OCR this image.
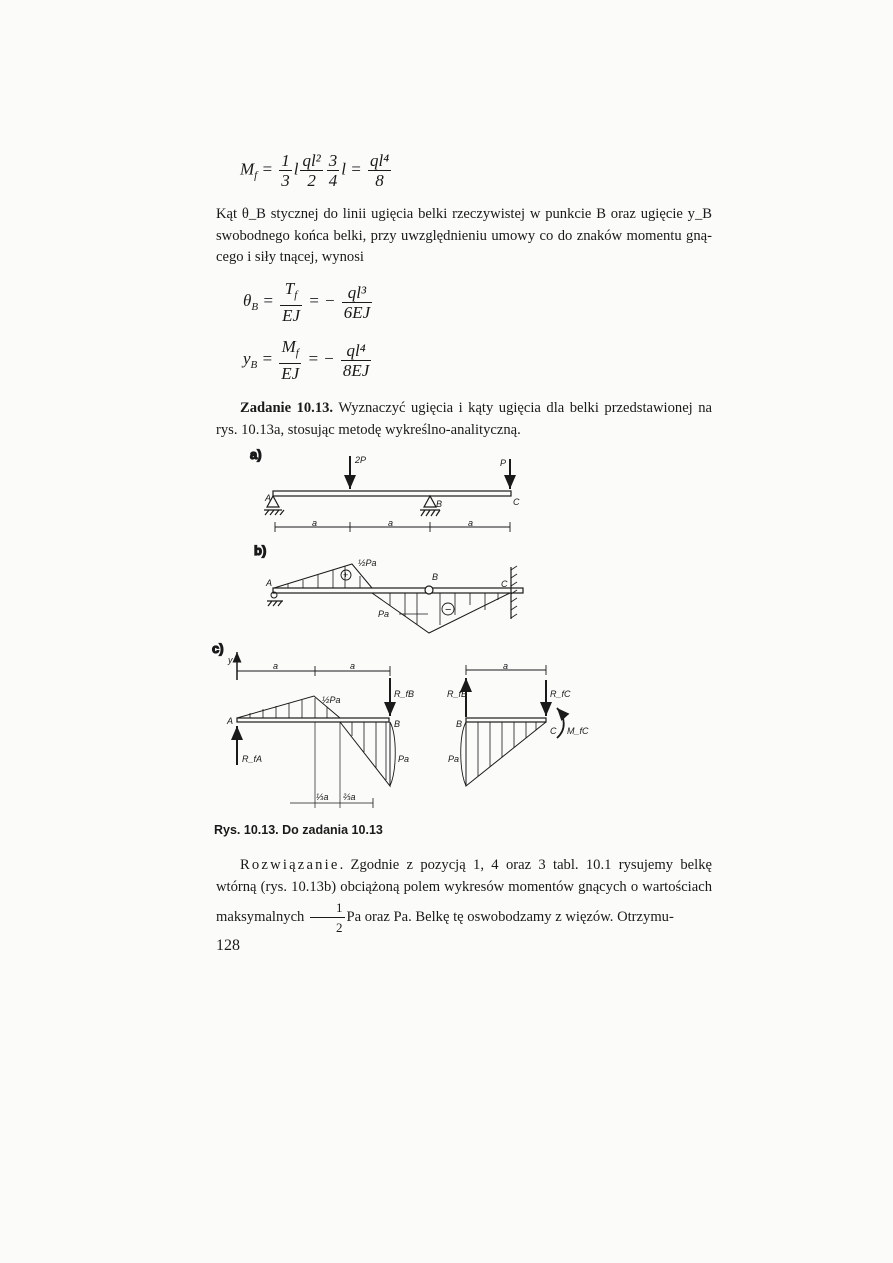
$M_f = \frac{1}{3}$ l $\frac{\text{ql²}}{2} \frac{3}{4}$ $l = \frac{\text{ql⁴}}{8}$
Kąt θ_B stycznej do linii ugięcia belki rzeczywistej w punkcie B oraz ugięcie y_B swobodnego końca belki, przy uwzględnieniu umowy co do znaków momentu gnącego i siły tnącej, wynosi
$\theta_B = \frac{T_f}{EJ}$ = − $\frac{\text{ql³}}{6EJ}$
$y_B = \frac{M_f}{EJ}$ = − $\frac{\text{ql⁴}}{8EJ}$
Zadanie 10.13. Wyznaczyć ugięcia i kąty ugięcia dla belki przedstawionej na rys. 10.13a, stosując metodę wykreślno-analityczną.
a)
b)
c)
2P	P
A
B	C
a	a	a
½Pa
A
B
C
+
−
Pa
y
a	a
½Pa
R_fB
A	B
R_fA	Pa
⅓a ⅔a
a
R_fB	R_fC
B
C M_fC
Pa
Rys. 10.13. Do zadania 10.13
Rozwiązanie. Zgodnie z pozycją 1, 4 oraz 3 tabl. 10.1 rysujemy belkę wtórną (rys. 10.13b) obciążoną polem wykresów momentów gnących o wartościach maksymalnych $\frac{1}{2}$ Pa oraz Pa. Belkę tę oswobodzamy z więzów. Otrzymu-
128
